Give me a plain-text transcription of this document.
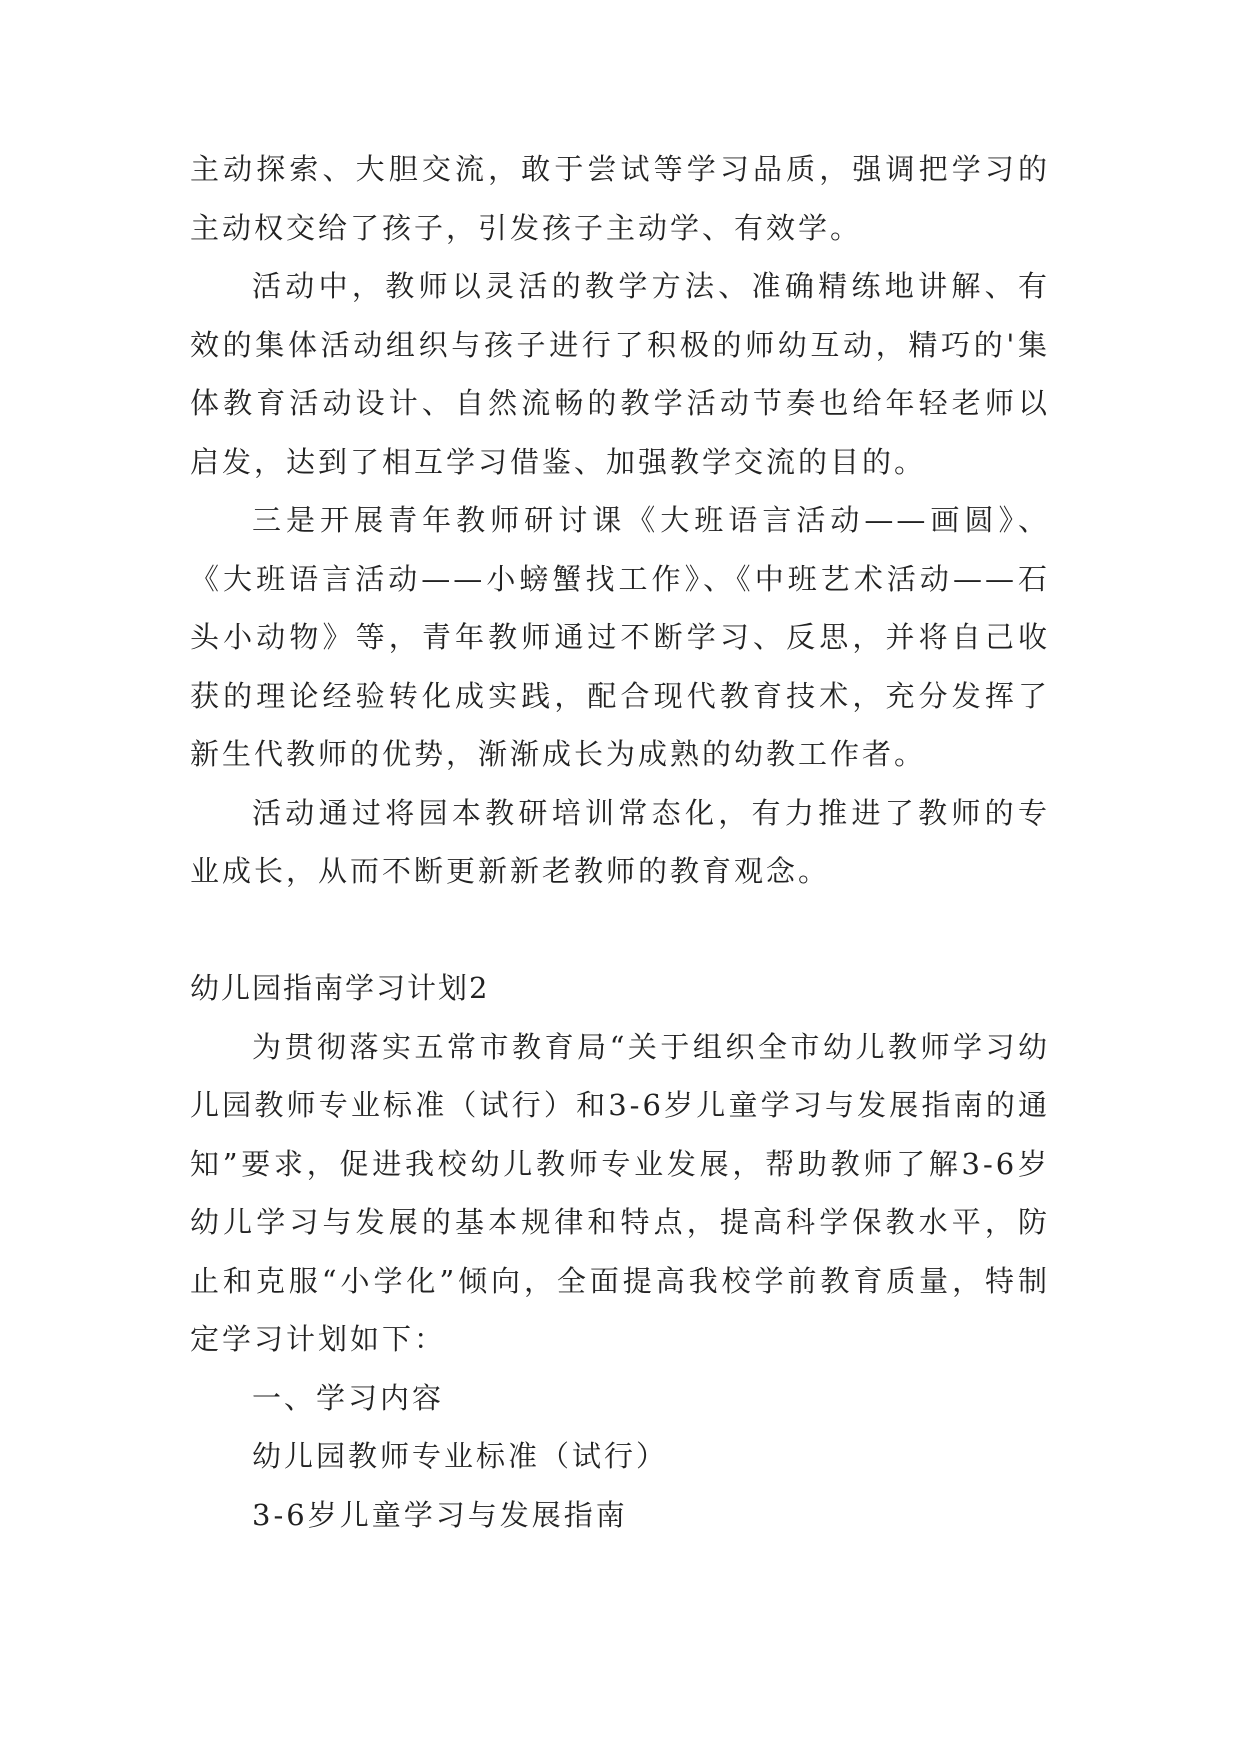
主动探索、大胆交流，敢于尝试等学习品质，强调把学习的主动权交给了孩子，引发孩子主动学、有效学。

活动中，教师以灵活的教学方法、准确精练地讲解、有效的集体活动组织与孩子进行了积极的师幼互动，精巧的'集体教育活动设计、自然流畅的教学活动节奏也给年轻老师以启发，达到了相互学习借鉴、加强教学交流的目的。

三是开展青年教师研讨课《大班语言活动——画圆》、《大班语言活动——小螃蟹找工作》、《中班艺术活动——石头小动物》等，青年教师通过不断学习、反思，并将自己收获的理论经验转化成实践，配合现代教育技术，充分发挥了新生代教师的优势，渐渐成长为成熟的幼教工作者。

活动通过将园本教研培训常态化，有力推进了教师的专业成长，从而不断更新新老教师的教育观念。

幼儿园指南学习计划2

为贯彻落实五常市教育局“关于组织全市幼儿教师学习幼儿园教师专业标准（试行）和3-6岁儿童学习与发展指南的通知”要求，促进我校幼儿教师专业发展，帮助教师了解3-6岁幼儿学习与发展的基本规律和特点，提高科学保教水平，防止和克服“小学化”倾向，全面提高我校学前教育质量，特制定学习计划如下：

一、学习内容

幼儿园教师专业标准（试行）

3-6岁儿童学习与发展指南
